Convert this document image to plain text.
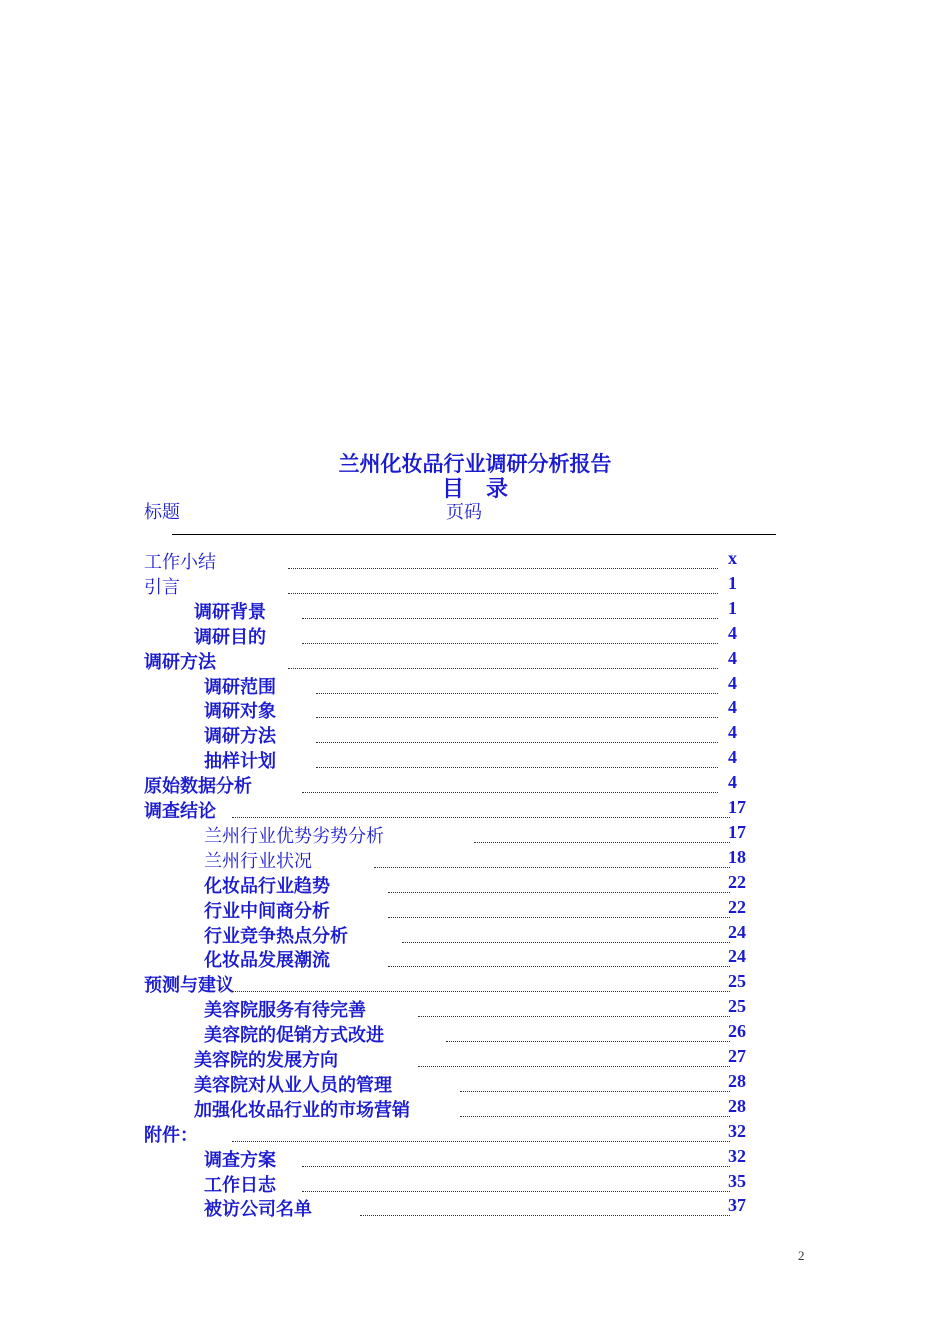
兰州化妆品行业调研分析报告
目录
标题	页码
工作小结	x
引言	1
调研背景	1
调研目的	4
调研方法	4
调研范围	4
调研对象	4
调研方法	4
抽样计划	4
原始数据分析	4
调查结论	17
兰州行业优势劣势分析	17
兰州行业状况	18
化妆品行业趋势	22
行业中间商分析	22
行业竞争热点分析	24
化妆品发展潮流	24
预测与建议	25
美容院服务有待完善	25
美容院的促销方式改进	26
美容院的发展方向	27
美容院对从业人员的管理	28
加强化妆品行业的市场营销	28
附件：	32
调查方案	32
工作日志	35
被访公司名单	37
2
